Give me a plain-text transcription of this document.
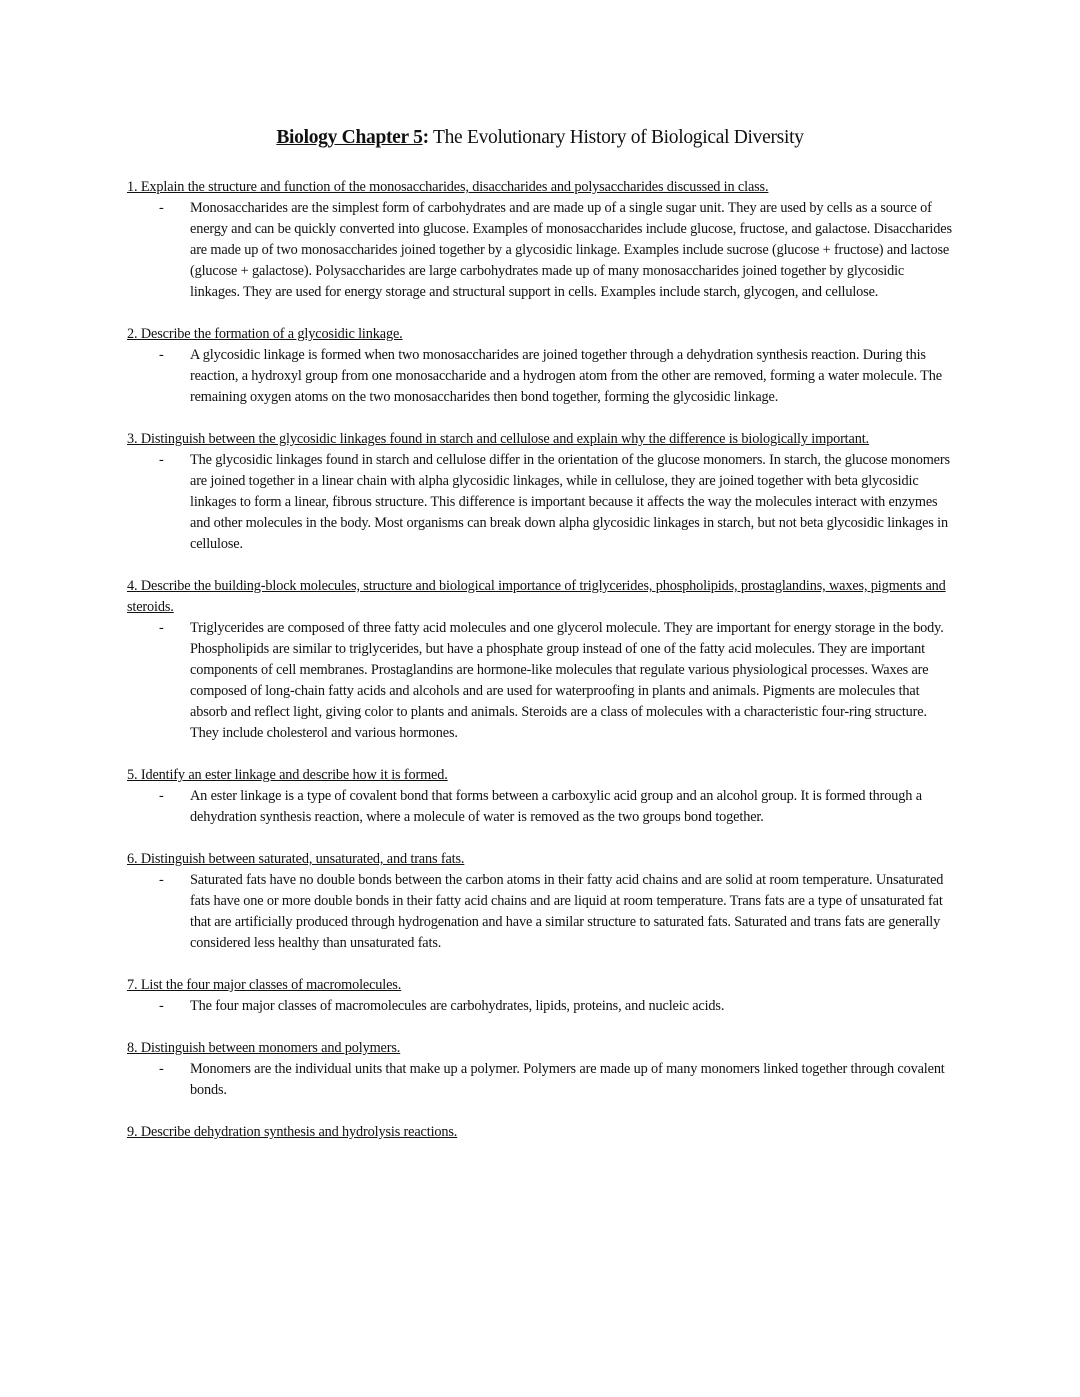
Biology Chapter 5: The Evolutionary History of Biological Diversity

1. Explain the structure and function of the monosaccharides, disaccharides and polysaccharides discussed in class.

- Monosaccharides are the simplest form of carbohydrates and are made up of a single sugar unit. They are used by cells as a source of energy and can be quickly converted into glucose. Examples of monosaccharides include glucose, fructose, and galactose. Disaccharides are made up of two monosaccharides joined together by a glycosidic linkage. Examples include sucrose (glucose + fructose) and lactose (glucose + galactose). Polysaccharides are large carbohydrates made up of many monosaccharides joined together by glycosidic linkages. They are used for energy storage and structural support in cells. Examples include starch, glycogen, and cellulose.

2. Describe the formation of a glycosidic linkage.

- A glycosidic linkage is formed when two monosaccharides are joined together through a dehydration synthesis reaction. During this reaction, a hydroxyl group from one monosaccharide and a hydrogen atom from the other are removed, forming a water molecule. The remaining oxygen atoms on the two monosaccharides then bond together, forming the glycosidic linkage.

3. Distinguish between the glycosidic linkages found in starch and cellulose and explain why the difference is biologically important.

- The glycosidic linkages found in starch and cellulose differ in the orientation of the glucose monomers. In starch, the glucose monomers are joined together in a linear chain with alpha glycosidic linkages, while in cellulose, they are joined together with beta glycosidic linkages to form a linear, fibrous structure. This difference is important because it affects the way the molecules interact with enzymes and other molecules in the body. Most organisms can break down alpha glycosidic linkages in starch, but not beta glycosidic linkages in cellulose.

4. Describe the building-block molecules, structure and biological importance of triglycerides, phospholipids, prostaglandins, waxes, pigments and steroids.

- Triglycerides are composed of three fatty acid molecules and one glycerol molecule. They are important for energy storage in the body. Phospholipids are similar to triglycerides, but have a phosphate group instead of one of the fatty acid molecules. They are important components of cell membranes. Prostaglandins are hormone-like molecules that regulate various physiological processes. Waxes are composed of long-chain fatty acids and alcohols and are used for waterproofing in plants and animals. Pigments are molecules that absorb and reflect light, giving color to plants and animals. Steroids are a class of molecules with a characteristic four-ring structure. They include cholesterol and various hormones.

5. Identify an ester linkage and describe how it is formed.

- An ester linkage is a type of covalent bond that forms between a carboxylic acid group and an alcohol group. It is formed through a dehydration synthesis reaction, where a molecule of water is removed as the two groups bond together.

6. Distinguish between saturated, unsaturated, and trans fats.

- Saturated fats have no double bonds between the carbon atoms in their fatty acid chains and are solid at room temperature. Unsaturated fats have one or more double bonds in their fatty acid chains and are liquid at room temperature. Trans fats are a type of unsaturated fat that are artificially produced through hydrogenation and have a similar structure to saturated fats. Saturated and trans fats are generally considered less healthy than unsaturated fats.

7. List the four major classes of macromolecules.

- The four major classes of macromolecules are carbohydrates, lipids, proteins, and nucleic acids.

8. Distinguish between monomers and polymers.

- Monomers are the individual units that make up a polymer. Polymers are made up of many monomers linked together through covalent bonds.

9. Describe dehydration synthesis and hydrolysis reactions.
